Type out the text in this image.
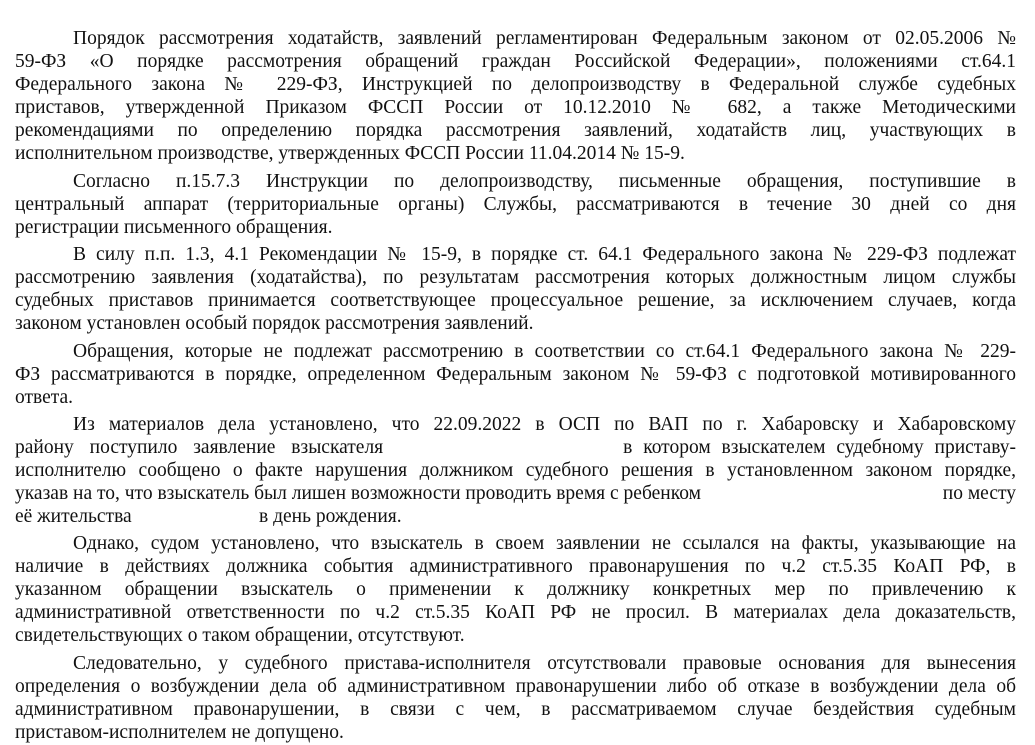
Порядок рассмотрения ходатайств, заявлений регламентирован Федеральным законом от 02.05.2006 №
59-ФЗ «О порядке рассмотрения обращений граждан Российской Федерации», положениями ст.64.1
Федерального закона № 229-ФЗ, Инструкцией по делопроизводству в Федеральной службе судебных
приставов, утвержденной Приказом ФССП России от 10.12.2010 № 682, а также Методическими
рекомендациями по определению порядка рассмотрения заявлений, ходатайств лиц, участвующих в
исполнительном производстве, утвержденных ФССП России 11.04.2014 № 15-9.
Согласно п.15.7.3 Инструкции по делопроизводству, письменные обращения, поступившие в
центральный аппарат (территориальные органы) Службы, рассматриваются в течение 30 дней со дня
регистрации письменного обращения.
В силу п.п. 1.3, 4.1 Рекомендации № 15-9, в порядке ст. 64.1 Федерального закона № 229-ФЗ подлежат
рассмотрению заявления (ходатайства), по результатам рассмотрения которых должностным лицом службы
судебных приставов принимается соответствующее процессуальное решение, за исключением случаев, когда
законом установлен особый порядок рассмотрения заявлений.
Обращения, которые не подлежат рассмотрению в соответствии со ст.64.1 Федерального закона № 229-
ФЗ рассматриваются в порядке, определенном Федеральным законом № 59-ФЗ с подготовкой мотивированного
ответа.
Из материалов дела установлено, что 22.09.2022 в ОСП по ВАП по г. Хабаровску и Хабаровскому
району поступило заявление взыскателя	в котором взыскателем судебному приставу-
исполнителю сообщено о факте нарушения должником судебного решения в установленном законом порядке,
указав на то, что взыскатель был лишен возможности проводить время с ребенком	по месту
её жительства	в день рождения.
Однако, судом установлено, что взыскатель в своем заявлении не ссылался на факты, указывающие на
наличие в действиях должника события административного правонарушения по ч.2 ст.5.35 КоАП РФ, в
указанном обращении взыскатель о применении к должнику конкретных мер по привлечению к
административной ответственности по ч.2 ст.5.35 КоАП РФ не просил. В материалах дела доказательств,
свидетельствующих о таком обращении, отсутствуют.
Следовательно, у судебного пристава-исполнителя отсутствовали правовые основания для вынесения
определения о возбуждении дела об административном правонарушении либо об отказе в возбуждении дела об
административном правонарушении, в связи с чем, в рассматриваемом случае бездействия судебным
приставом-исполнителем не допущено.
